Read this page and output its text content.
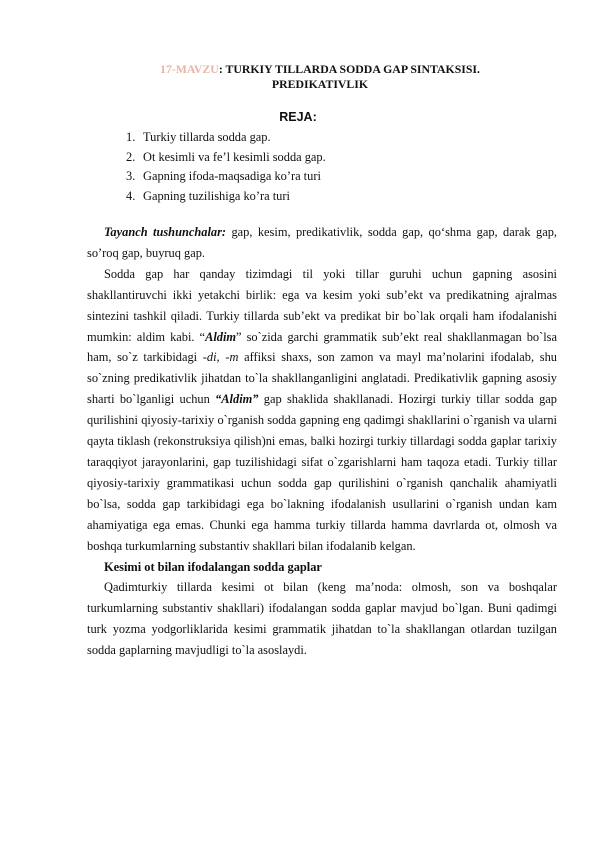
17-MAVZU: TURKIY TILLARDA SODDA GAP SINTAKSISI.
PREDIKATIVLIK
REJA:
1. Turkiy tillarda sodda gap.
2. Ot kesimli va fe’l kesimli sodda gap.
3. Gapning ifoda-maqsadiga ko’ra turi
4. Gapning tuzilishiga ko’ra turi

Tayanch tushunchalar: gap, kesim, predikativlik, sodda gap, qo‘shma gap, darak gap, so’roq gap, buyruq gap.

Sodda gap har qanday tizimdagi til yoki tillar guruhi uchun gapning asosini shakllantiruvchi ikki yetakchi birlik: ega va kesim yoki sub’ekt va predikatning ajralmas sintezini tashkil qiladi. Turkiy tillarda sub’ekt va predikat bir bo`lak orqali ham ifodalanishi mumkin: aldim kabi. “Aldim” so`zida garchi grammatik sub’ekt real shakllanmagan bo`lsa ham, so`z tarkibidagi -di, -m affiksi shaxs, son zamon va mayl ma’nolarini ifodalab, shu so`zning predikativlik jihatdan to`la shakllanganligini anglatadi. Predikativlik gapning asosiy sharti bo`lganligi uchun “Aldim” gap shaklida shakllanadi. Hozirgi turkiy tillar sodda gap qurilishini qiyosiy-tarixiy o`rganish sodda gapning eng qadimgi shakllarini o`rganish va ularni qayta tiklash (rekonstruksiya qilish)ni emas, balki hozirgi turkiy tillardagi sodda gaplar tarixiy taraqqiyot jarayonlarini, gap tuzilishidagi sifat o`zgarishlarni ham taqoza etadi. Turkiy tillar qiyosiy-tarixiy grammatikasi uchun sodda gap qurilishini o`rganish qanchalik ahamiyatli bo`lsa, sodda gap tarkibidagi ega bo`lakning ifodalanish usullarini o`rganish undan kam ahamiyatiga ega emas. Chunki ega hamma turkiy tillarda hamma davrlarda ot, olmosh va boshqa turkumlarning substantiv shakllari bilan ifodalanib kelgan.

Kesimi ot bilan ifodalangan sodda gaplar

Qadimturkiy tillarda kesimi ot bilan (keng ma’noda: olmosh, son va boshqalar turkumlarning substantiv shakllari) ifodalangan sodda gaplar mavjud bo`lgan. Buni qadimgi turk yozma yodgorliklarida kesimi grammatik jihatdan to`la shakllangan otlardan tuzilgan sodda gaplarning mavjudligi to`la asoslaydi.
